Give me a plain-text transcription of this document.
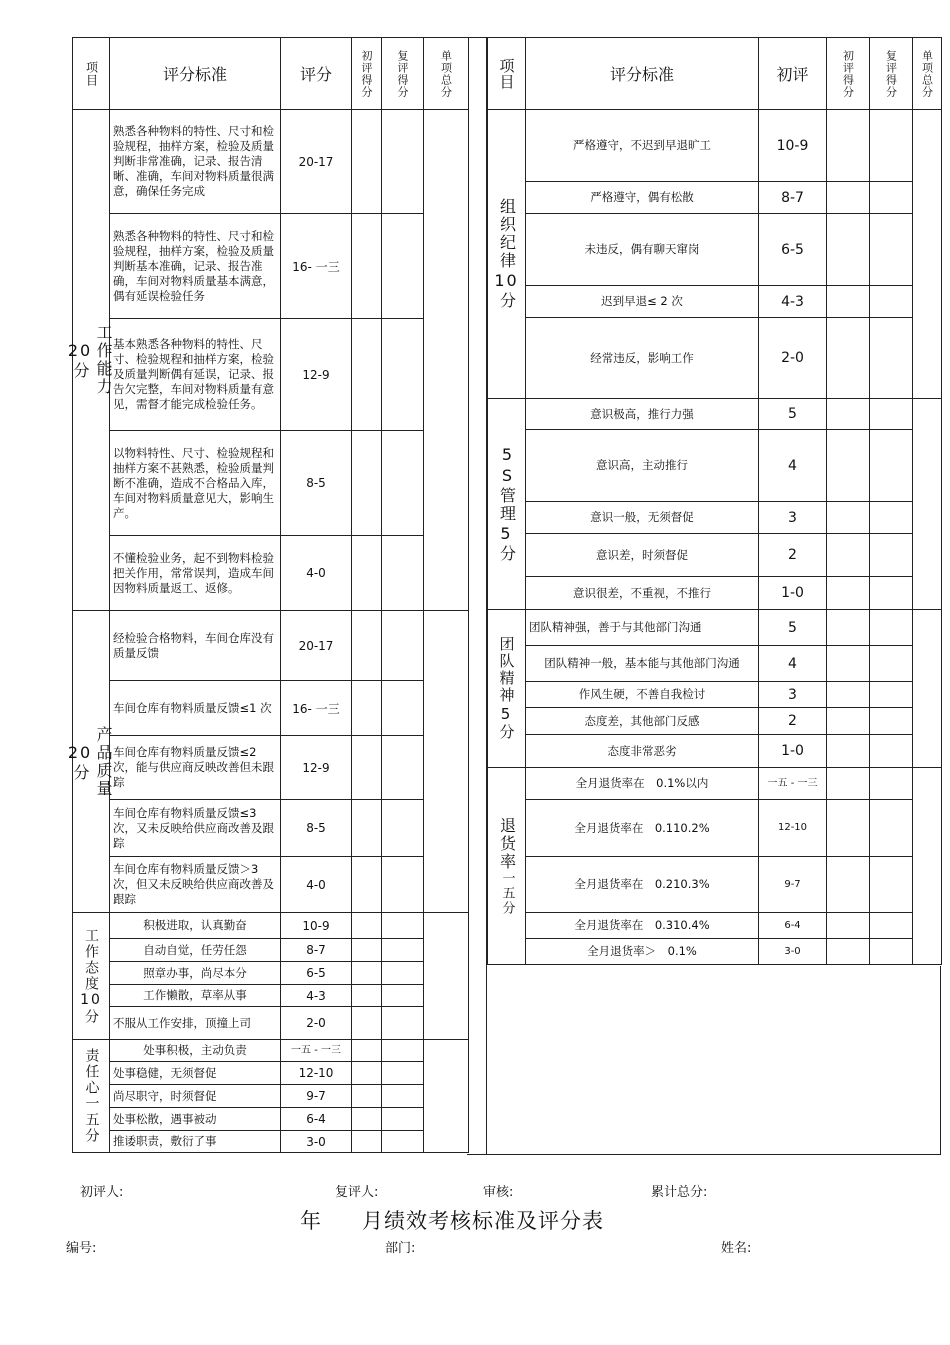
项目	评分标准	评分	初评得分	复评得分	单项总分
工作能力
20分	熟悉各种物料的特性、尺寸和检验规程，抽样方案，检验及质量判断非常准确，记录、报告清晰、准确，车间对物料质量很满意，确保任务完成	20-17			
	熟悉各种物料的特性、尺寸和检验规程，抽样方案，检验及质量判断基本准确，记录、报告准确，车间对物料质量基本满意，偶有延误检验任务	16- 一三			
	基本熟悉各种物料的特性、尺寸、检验规程和抽样方案，检验及质量判断偶有延误，记录、报告欠完整，车间对物料质量有意见，需督才能完成检验任务。	12-9			
	以物料特性、尺寸、检验规程和抽样方案不甚熟悉，检验质量判断不准确，造成不合格品入库，车间对物料质量意见大，影响生产。	8-5			
	不懂检验业务，起不到物料检验把关作用，常常误判，造成车间因物料质量返工、返修。	4-0			
产品质量
20分	经检验合格物料，车间仓库没有质量反馈	20-17			
	车间仓库有物料质量反馈≤1 次	16- 一三			
	车间仓库有物料质量反馈≤2 次，能与供应商反映改善但未跟踪	12-9			
	车间仓库有物料质量反馈≤3 次，又未反映给供应商改善及跟踪	8-5			
	车间仓库有物料质量反馈＞3 次，但又未反映给供应商改善及跟踪	4-0			
工作态度10分	积极进取，认真勤奋	10-9			
	自动自觉，任劳任怨	8-7			
	照章办事，尚尽本分	6-5			
	工作懒散，草率从事	4-3			
	不服从工作安排，顶撞上司	2-0			
责任心一五分	处事积极，主动负责	一五 - 一三			
	处事稳健，无须督促	12-10			
	尚尽职守，时须督促	9-7			
	处事松散，遇事被动	6-4			
	推诿职责，敷衍了事	3-0			
项目	评分标准	初评	初评得分	复评得分	单项总分
组织纪律10分	严格遵守，不迟到早退旷工	10-9			
	严格遵守，偶有松散	8-7			
	未违反，偶有聊天窜岗	6-5			
	迟到早退≤ 2 次	4-3			
	经常违反，影响工作	2-0			
5S管理5分	意识极高，推行力强	5			
	意识高，主动推行	4			
	意识一般，无须督促	3			
	意识差，时须督促	2			
	意识很差，不重视，不推行	1-0			
团队精神5分	团队精神强，善于与其他部门沟通	5			
	团队精神一般，基本能与其他部门沟通	4			
	作风生硬，不善自我检讨	3			
	态度差，其他部门反感	2			
	态度非常恶劣	1-0			
退货率一五分	全月退货率在　0.1%以内	一五 - 一三			
	全月退货率在　0.110.2%	12-10			
	全月退货率在　0.210.3%	9-7			
	全月退货率在　0.310.4%	6-4			
	全月退货率＞　0.1%	3-0			
初评人:	复评人:	审核:	累计总分:
年 月绩效考核标准及评分表
编号:	部门:	姓名:
